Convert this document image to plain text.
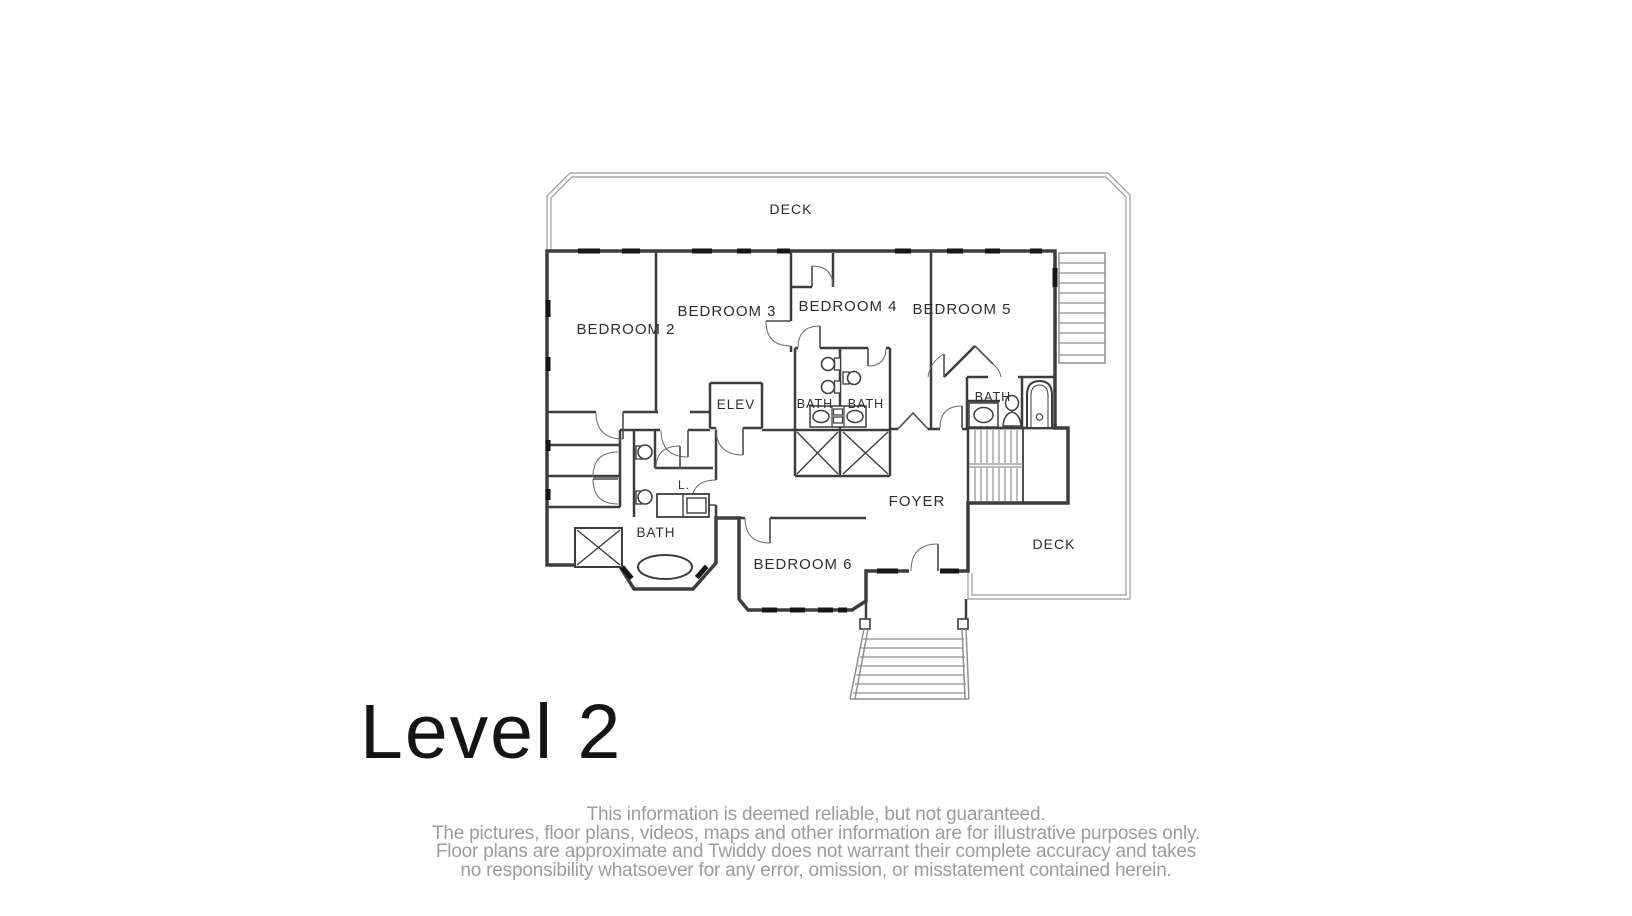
DECK
BEDROOM 2
BEDROOM 3 BEDROOM 4 BEDROOM 5
ELEV	BATH BATH	BATH
L.
BATH
FOYER
BEDROOM 6
DECK
Level 2
This information is deemed reliable, but not guaranteed.
The pictures, floor plans, videos, maps and other information are for illustrative purposes only.
Floor plans are approximate and Twiddy does not warrant their complete accuracy and takes
no responsibility whatsoever for any error, omission, or misstatement contained herein.
